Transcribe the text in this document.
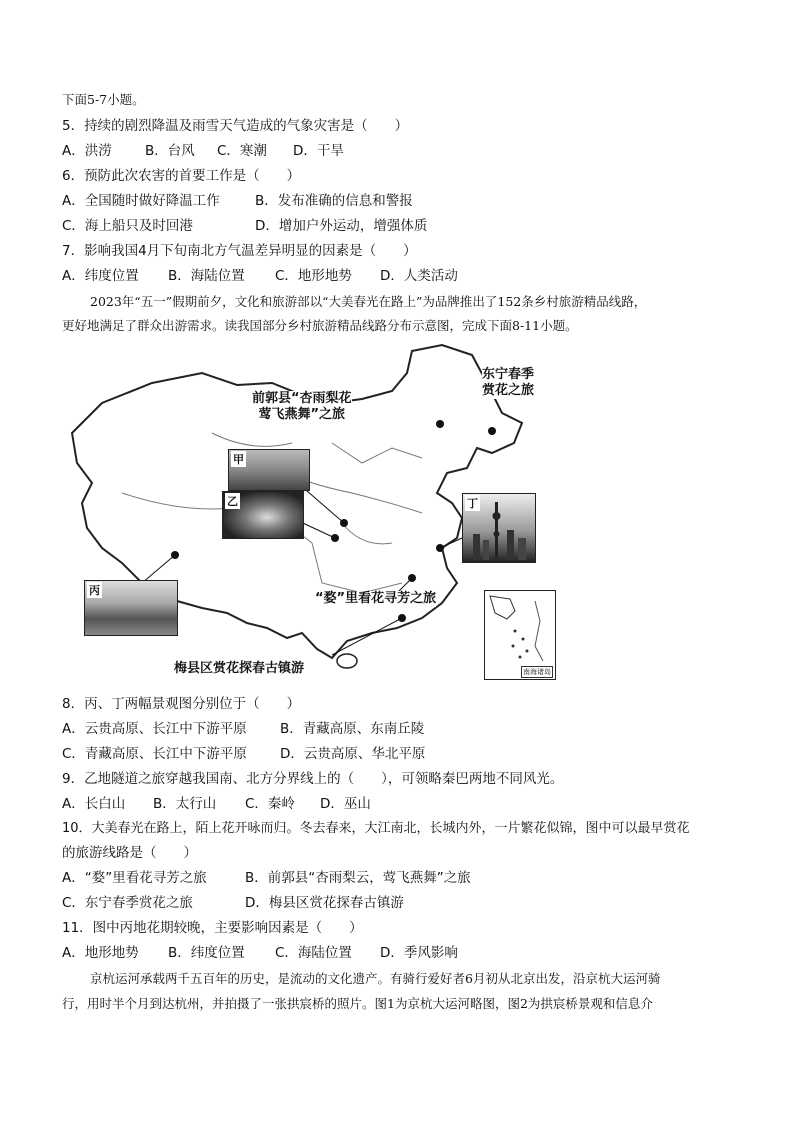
下面5-7小题。
5．持续的剧烈降温及雨雪天气造成的气象灾害是（　　）
A．洪涝 B．台风 C．寒潮 D．干旱
6．预防此次农害的首要工作是（　　）
A．全国随时做好降温工作	B．发布准确的信息和警报
C．海上船只及时回港	D．增加户外运动，增强体质
7．影响我国4月下旬南北方气温差异明显的因素是（　　）
A．纬度位置 B．海陆位置 C．地形地势 D．人类活动
2023年“五一”假期前夕，文化和旅游部以“大美春光在路上”为品牌推出了152条乡村旅游精品线路，
更好地满足了群众出游需求。读我国部分乡村旅游精品线路分布示意图，完成下面8-11小题。
甲
乙
丙
丁
前郭县“杏雨梨花
莺飞燕舞”之旅
东宁春季
赏花之旅
“婺”里看花寻芳之旅
梅县区赏花探春古镇游	南海诸岛
8．丙、丁两幅景观图分别位于（　　）
A．云贵高原、长江中下游平原 B．青藏高原、东南丘陵
C．青藏高原、长江中下游平原 D．云贵高原、华北平原
9．乙地隧道之旅穿越我国南、北方分界线上的（　　），可领略秦巴两地不同风光。
A．长白山 B．太行山 C．秦岭 D．巫山
10．大美春光在路上，陌上花开咏而归。冬去春来，大江南北，长城内外，一片繁花似锦，图中可以最早赏花
的旅游线路是（　　）
A．“婺”里看花寻芳之旅	B．前郭县“杏雨梨云，莺飞燕舞”之旅
C．东宁春季赏花之旅	D．梅县区赏花探春古镇游
11．图中丙地花期较晚，主要影响因素是（　　）
A．地形地势 B．纬度位置 C．海陆位置 D．季风影响
京杭运河承载两千五百年的历史，是流动的文化遗产。有骑行爱好者6月初从北京出发，沿京杭大运河骑
行，用时半个月到达杭州，并拍摄了一张拱宸桥的照片。图1为京杭大运河略图，图2为拱宸桥景观和信息介
